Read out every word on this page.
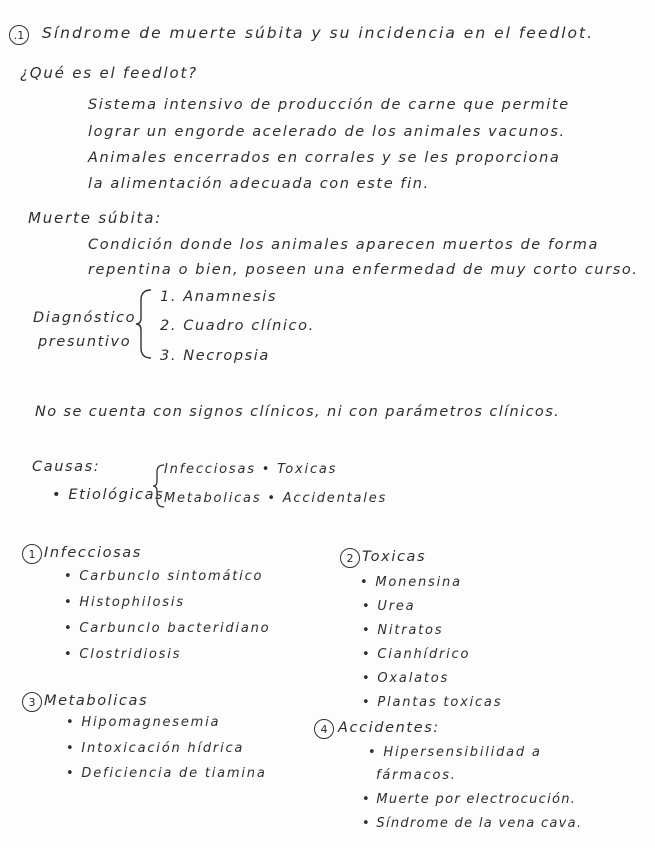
.1	Síndrome de muerte súbita y su incidencia en el feedlot.

¿Qué es el feedlot?

Sistema intensivo de producción de carne que permite

lograr un engorde acelerado de los animales vacunos.

Animales encerrados en corrales y se les proporciona

la alimentación adecuada con este fin.

Muerte súbita:

Condición donde los animales aparecen muertos de forma

repentina o bien, poseen una enfermedad de muy corto curso.

Diagnóstico

presuntivo

1. Anamnesis

2. Cuadro clínico.

3. Necropsia

No se cuenta con signos clínicos, ni con parámetros clínicos.

Causas:

• Etiológicas

Infecciosas • Toxicas

Metabolicas • Accidentales

1 Infecciosas

• Carbunclo sintomático

• Histophilosis

• Carbunclo bacteridiano

• Clostridiosis

2 Toxicas

• Monensina

• Urea

• Nitratos

• Cianhídrico

• Oxalatos

• Plantas toxicas

3 Metabolicas

• Hipomagnesemia

• Intoxicación hídrica

• Deficiencia de tiamina

4 Accidentes:

• Hipersensibilidad a

fármacos.

• Muerte por electrocución.

• Síndrome de la vena cava.
